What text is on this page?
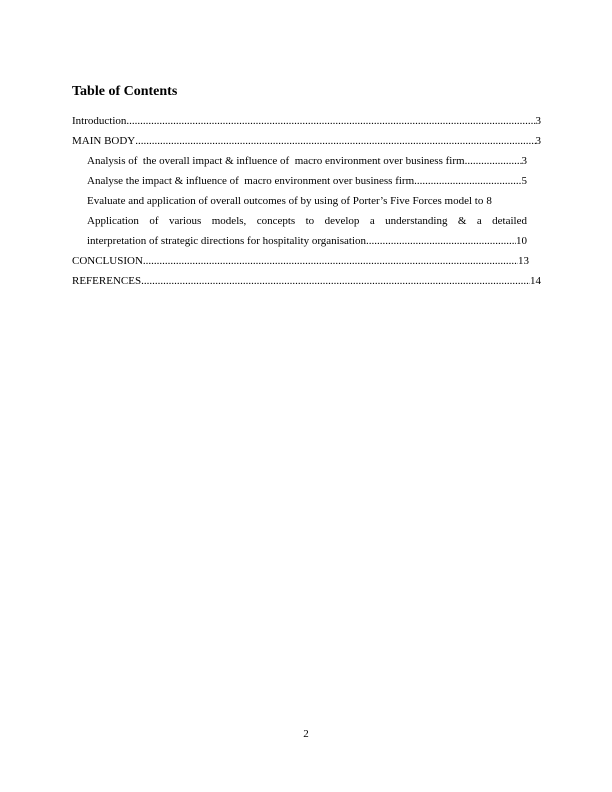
Table of Contents
Introduction .....	3
MAIN BODY .....	3
Analysis of  the overall impact & influence of  macro environment over business firm .....	3
Analyse the impact & influence of  macro environment over business firm .....	5
Evaluate and application of overall outcomes of by using of Porter’s Five Forces model to 8
Application of various models, concepts to develop a understanding & a detailed
interpretation of strategic directions for hospitality organisation .....	10
CONCLUSION .....	13
REFERENCES .....	14
2
